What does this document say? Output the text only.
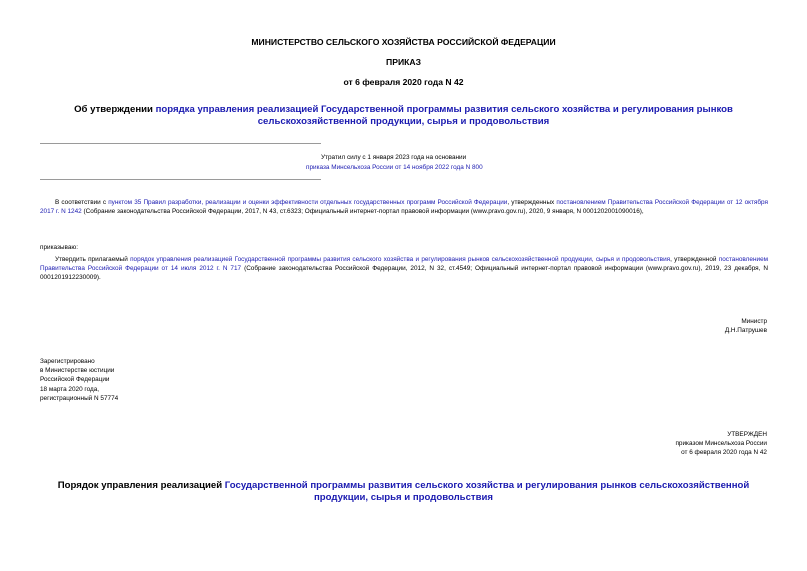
МИНИСТЕРСТВО СЕЛЬСКОГО ХОЗЯЙСТВА РОССИЙСКОЙ ФЕДЕРАЦИИ
ПРИКАЗ
от 6 февраля 2020 года N 42
Об утверждении порядка управления реализацией Государственной программы развития сельского хозяйства и регулирования рынков сельскохозяйственной продукции, сырья и продовольствия
Утратил силу с 1 января 2023 года на основании
приказа Минсельхоза России от 14 ноября 2022 года N 800
В соответствии с пунктом 35 Правил разработки, реализации и оценки эффективности отдельных государственных программ Российской Федерации, утвержденных постановлением Правительства Российской Федерации от 12 октября 2017 г. N 1242 (Собрание законодательства Российской Федерации, 2017, N 43, ст.6323; Официальный интернет-портал правовой информации (www.pravo.gov.ru), 2020, 9 января, N 0001202001090016),
приказываю:
Утвердить прилагаемый порядок управления реализацией Государственной программы развития сельского хозяйства и регулирования рынков сельскохозяйственной продукции, сырья и продовольствия, утвержденной постановлением Правительства Российской Федерации от 14 июля 2012 г. N 717 (Собрание законодательства Российской Федерации, 2012, N 32, ст.4549; Официальный интернет-портал правовой информации (www.pravo.gov.ru), 2019, 23 декабря, N 0001201912230009).
Министр
Д.Н.Патрушев
Зарегистрировано
в Министерстве юстиции
Российской Федерации
18 марта 2020 года,
регистрационный N 57774
УТВЕРЖДЕН
приказом Минсельхоза России
от 6 февраля 2020 года N 42
Порядок управления реализацией Государственной программы развития сельского хозяйства и регулирования рынков сельскохозяйственной продукции, сырья и продовольствия
